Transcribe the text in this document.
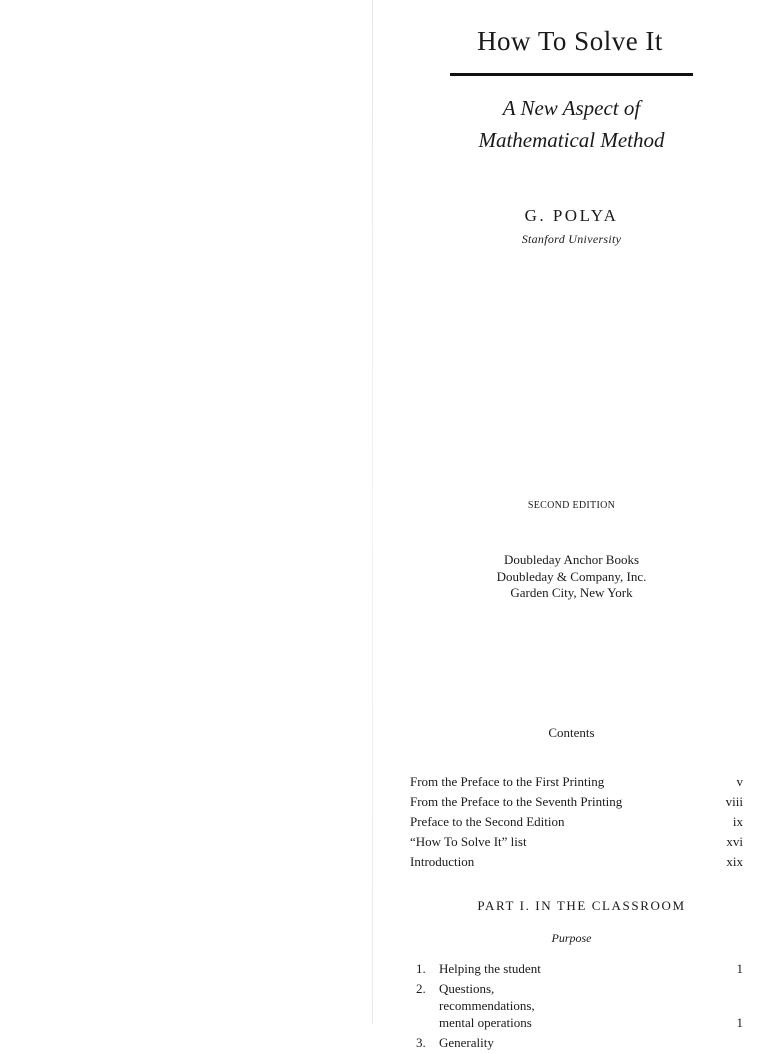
How To Solve It
A New Aspect of
Mathematical Method
G. POLYA
Stanford University
SECOND EDITION
Doubleday Anchor Books
Doubleday & Company, Inc.
Garden City, New York
Contents
From the Preface to the First Printing	v
From the Preface to the Seventh Printing	viii
Preface to the Second Edition	ix
“How To Solve It” list	xvi
Introduction	xix
PART I. IN THE CLASSROOM
Purpose
1.	Helping the student	1
2.	Questions, recommendations, mental operations	1
3.	Generality
